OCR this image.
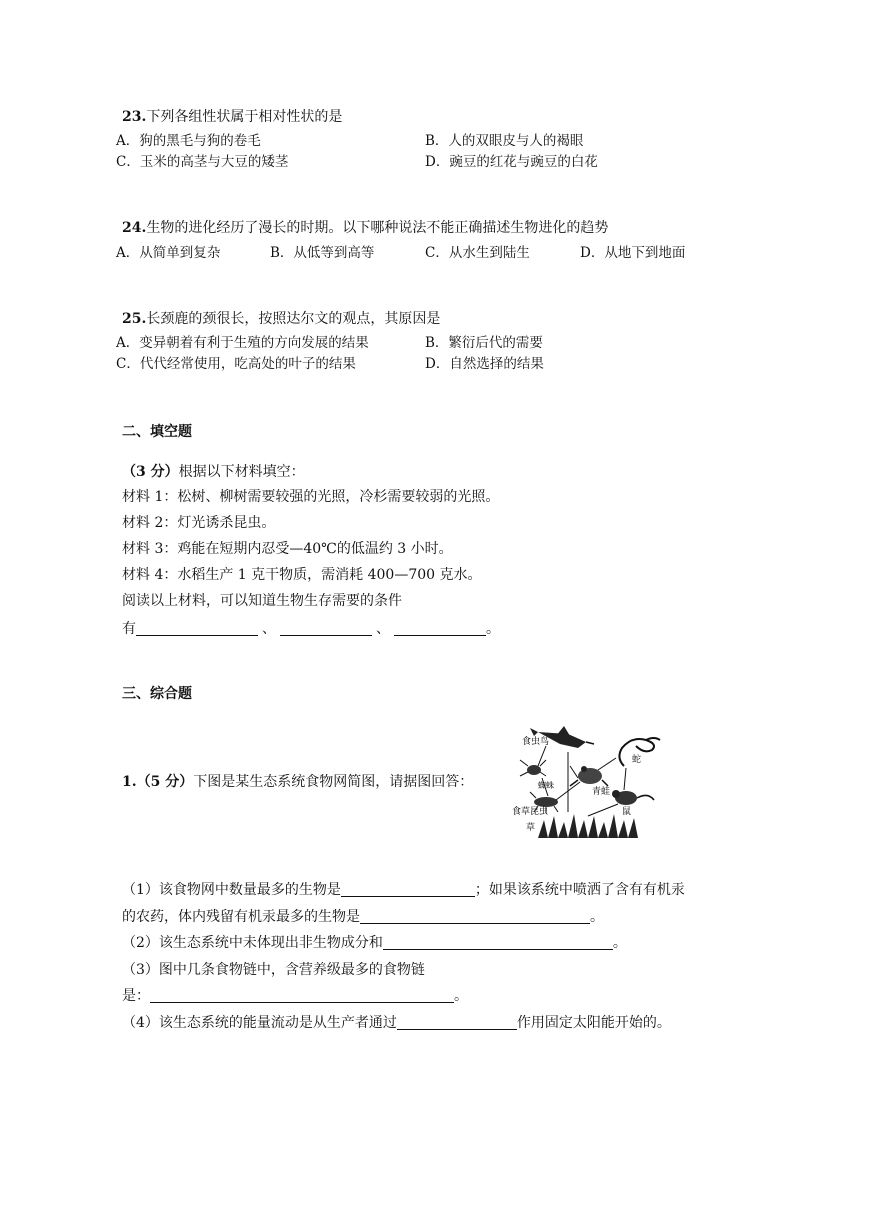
23.下列各组性状属于相对性状的是
A．狗的黑毛与狗的卷毛	B．人的双眼皮与人的褐眼
C．玉米的高茎与大豆的矮茎	D．豌豆的红花与豌豆的白花
24.生物的进化经历了漫长的时期。以下哪种说法不能正确描述生物进化的趋势
A．从简单到复杂	B．从低等到高等	C．从水生到陆生	D．从地下到地面
25.长颈鹿的颈很长，按照达尔文的观点，其原因是
A．变异朝着有利于生殖的方向发展的结果	B．繁衍后代的需要
C．代代经常使用，吃高处的叶子的结果	D．自然选择的结果
二、填空题
（3 分）根据以下材料填空：
材料 1：松树、柳树需要较强的光照，冷杉需要较弱的光照。
材料 2：灯光诱杀昆虫。
材料 3：鸡能在短期内忍受—40℃的低温约 3 小时。
材料 4：水稻生产 1 克干物质，需消耗 400—700 克水。
阅读以上材料，可以知道生物生存需要的条件
有	、	、	。
三、综合题
1.（5 分）下图是某生态系统食物网简图，请据图回答：
食虫鸟
蛇
蜘蛛
青蛙
食草昆虫	鼠
草
（1）该食物网中数量最多的生物是	；如果该系统中喷洒了含有有机汞
的农药，体内残留有机汞最多的生物是	。
（2）该生态系统中未体现出非生物成分和	。
（3）图中几条食物链中，含营养级最多的食物链
是：	。
（4）该生态系统的能量流动是从生产者通过	作用固定太阳能开始的。
